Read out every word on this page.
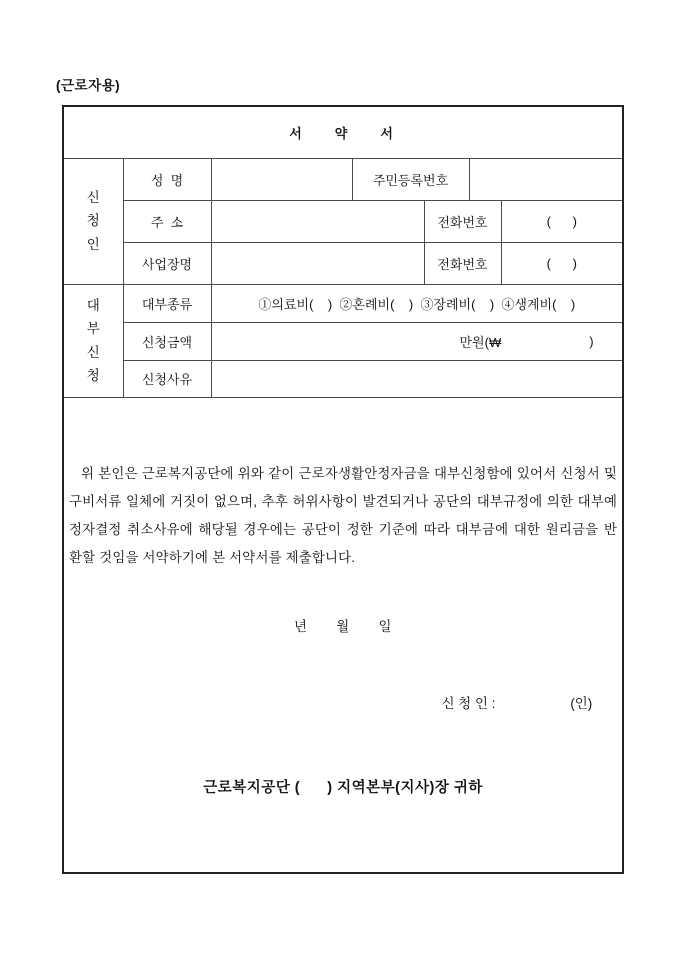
(근로자용)
서    약    서						
신청인	성  명		주민등록번호			
	주  소			전화번호		(      )
	사업장명			전화번호		(      )
대부신청	대부종류	①의료비(    )  ②혼례비(    )  ③장례비(    )  ④생계비(    )				
	신청금액	만원(₩ )				

	신청사유					

위 본인은 근로복지공단에 위와 같이 근로자생활안정자금을 대부신청함에 있어서 신청서 및
구비서류 일체에 거짓이 없으며, 추후 허위사항이 발견되거나 공단의 대부규정에 의한 대부예
정자결정 취소사유에 해당될 경우에는 공단이 정한 기준에 따라 대부금에 대한 원리금을 반
환할 것임을 서약하기에 본 서약서를 제출합니다.
년      월      일

신 청 인 :	(인)

근로복지공단 (      ) 지역본부(지사)장 귀하
